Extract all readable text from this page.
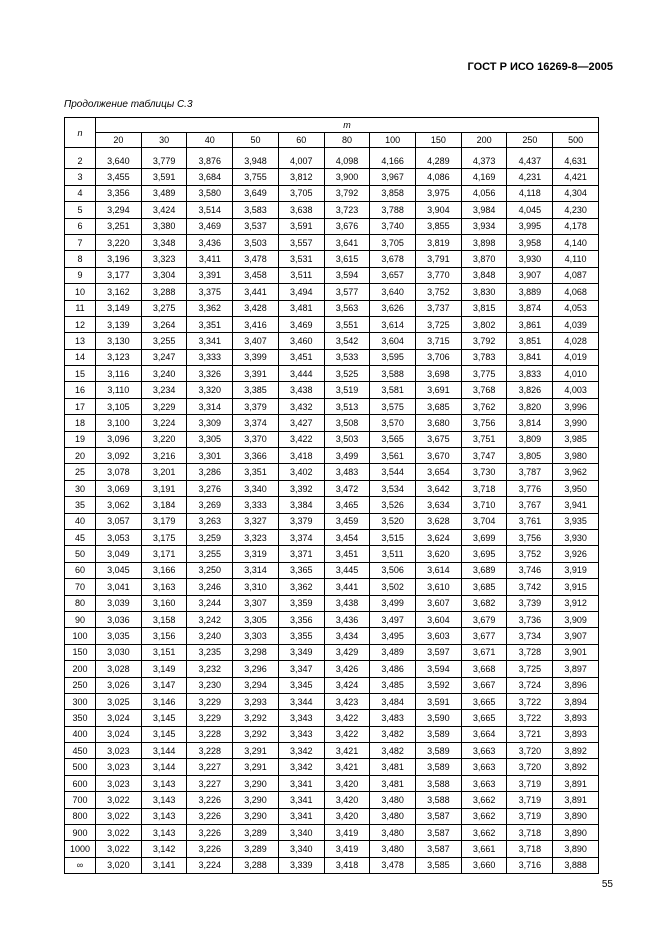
ГОСТ Р ИСО 16269-8—2005
Продолжение таблицы С.3
n	m										
	20	30	40	50	60	80	100	150	200	250	500
2	3,640	3,779	3,876	3,948	4,007	4,098	4,166	4,289	4,373	4,437	4,631
3	3,455	3,591	3,684	3,755	3,812	3,900	3,967	4,086	4,169	4,231	4,421
4	3,356	3,489	3,580	3,649	3,705	3,792	3,858	3,975	4,056	4,118	4,304
5	3,294	3,424	3,514	3,583	3,638	3,723	3,788	3,904	3,984	4,045	4,230
6	3,251	3,380	3,469	3,537	3,591	3,676	3,740	3,855	3,934	3,995	4,178
7	3,220	3,348	3,436	3,503	3,557	3,641	3,705	3,819	3,898	3,958	4,140
8	3,196	3,323	3,411	3,478	3,531	3,615	3,678	3,791	3,870	3,930	4,110
9	3,177	3,304	3,391	3,458	3,511	3,594	3,657	3,770	3,848	3,907	4,087
10	3,162	3,288	3,375	3,441	3,494	3,577	3,640	3,752	3,830	3,889	4,068
11	3,149	3,275	3,362	3,428	3,481	3,563	3,626	3,737	3,815	3,874	4,053
12	3,139	3,264	3,351	3,416	3,469	3,551	3,614	3,725	3,802	3,861	4,039
13	3,130	3,255	3,341	3,407	3,460	3,542	3,604	3,715	3,792	3,851	4,028
14	3,123	3,247	3,333	3,399	3,451	3,533	3,595	3,706	3,783	3,841	4,019
15	3,116	3,240	3,326	3,391	3,444	3,525	3,588	3,698	3,775	3,833	4,010
16	3,110	3,234	3,320	3,385	3,438	3,519	3,581	3,691	3,768	3,826	4,003
17	3,105	3,229	3,314	3,379	3,432	3,513	3,575	3,685	3,762	3,820	3,996
18	3,100	3,224	3,309	3,374	3,427	3,508	3,570	3,680	3,756	3,814	3,990
19	3,096	3,220	3,305	3,370	3,422	3,503	3,565	3,675	3,751	3,809	3,985
20	3,092	3,216	3,301	3,366	3,418	3,499	3,561	3,670	3,747	3,805	3,980
25	3,078	3,201	3,286	3,351	3,402	3,483	3,544	3,654	3,730	3,787	3,962
30	3,069	3,191	3,276	3,340	3,392	3,472	3,534	3,642	3,718	3,776	3,950
35	3,062	3,184	3,269	3,333	3,384	3,465	3,526	3,634	3,710	3,767	3,941
40	3,057	3,179	3,263	3,327	3,379	3,459	3,520	3,628	3,704	3,761	3,935
45	3,053	3,175	3,259	3,323	3,374	3,454	3,515	3,624	3,699	3,756	3,930
50	3,049	3,171	3,255	3,319	3,371	3,451	3,511	3,620	3,695	3,752	3,926
60	3,045	3,166	3,250	3,314	3,365	3,445	3,506	3,614	3,689	3,746	3,919
70	3,041	3,163	3,246	3,310	3,362	3,441	3,502	3,610	3,685	3,742	3,915
80	3,039	3,160	3,244	3,307	3,359	3,438	3,499	3,607	3,682	3,739	3,912
90	3,036	3,158	3,242	3,305	3,356	3,436	3,497	3,604	3,679	3,736	3,909
100	3,035	3,156	3,240	3,303	3,355	3,434	3,495	3,603	3,677	3,734	3,907
150	3,030	3,151	3,235	3,298	3,349	3,429	3,489	3,597	3,671	3,728	3,901
200	3,028	3,149	3,232	3,296	3,347	3,426	3,486	3,594	3,668	3,725	3,897
250	3,026	3,147	3,230	3,294	3,345	3,424	3,485	3,592	3,667	3,724	3,896
300	3,025	3,146	3,229	3,293	3,344	3,423	3,484	3,591	3,665	3,722	3,894
350	3,024	3,145	3,229	3,292	3,343	3,422	3,483	3,590	3,665	3,722	3,893
400	3,024	3,145	3,228	3,292	3,343	3,422	3,482	3,589	3,664	3,721	3,893
450	3,023	3,144	3,228	3,291	3,342	3,421	3,482	3,589	3,663	3,720	3,892
500	3,023	3,144	3,227	3,291	3,342	3,421	3,481	3,589	3,663	3,720	3,892
600	3,023	3,143	3,227	3,290	3,341	3,420	3,481	3,588	3,663	3,719	3,891
700	3,022	3,143	3,226	3,290	3,341	3,420	3,480	3,588	3,662	3,719	3,891
800	3,022	3,143	3,226	3,290	3,341	3,420	3,480	3,587	3,662	3,719	3,890
900	3,022	3,143	3,226	3,289	3,340	3,419	3,480	3,587	3,662	3,718	3,890
1000	3,022	3,142	3,226	3,289	3,340	3,419	3,480	3,587	3,661	3,718	3,890
∞	3,020	3,141	3,224	3,288	3,339	3,418	3,478	3,585	3,660	3,716	3,888
55
